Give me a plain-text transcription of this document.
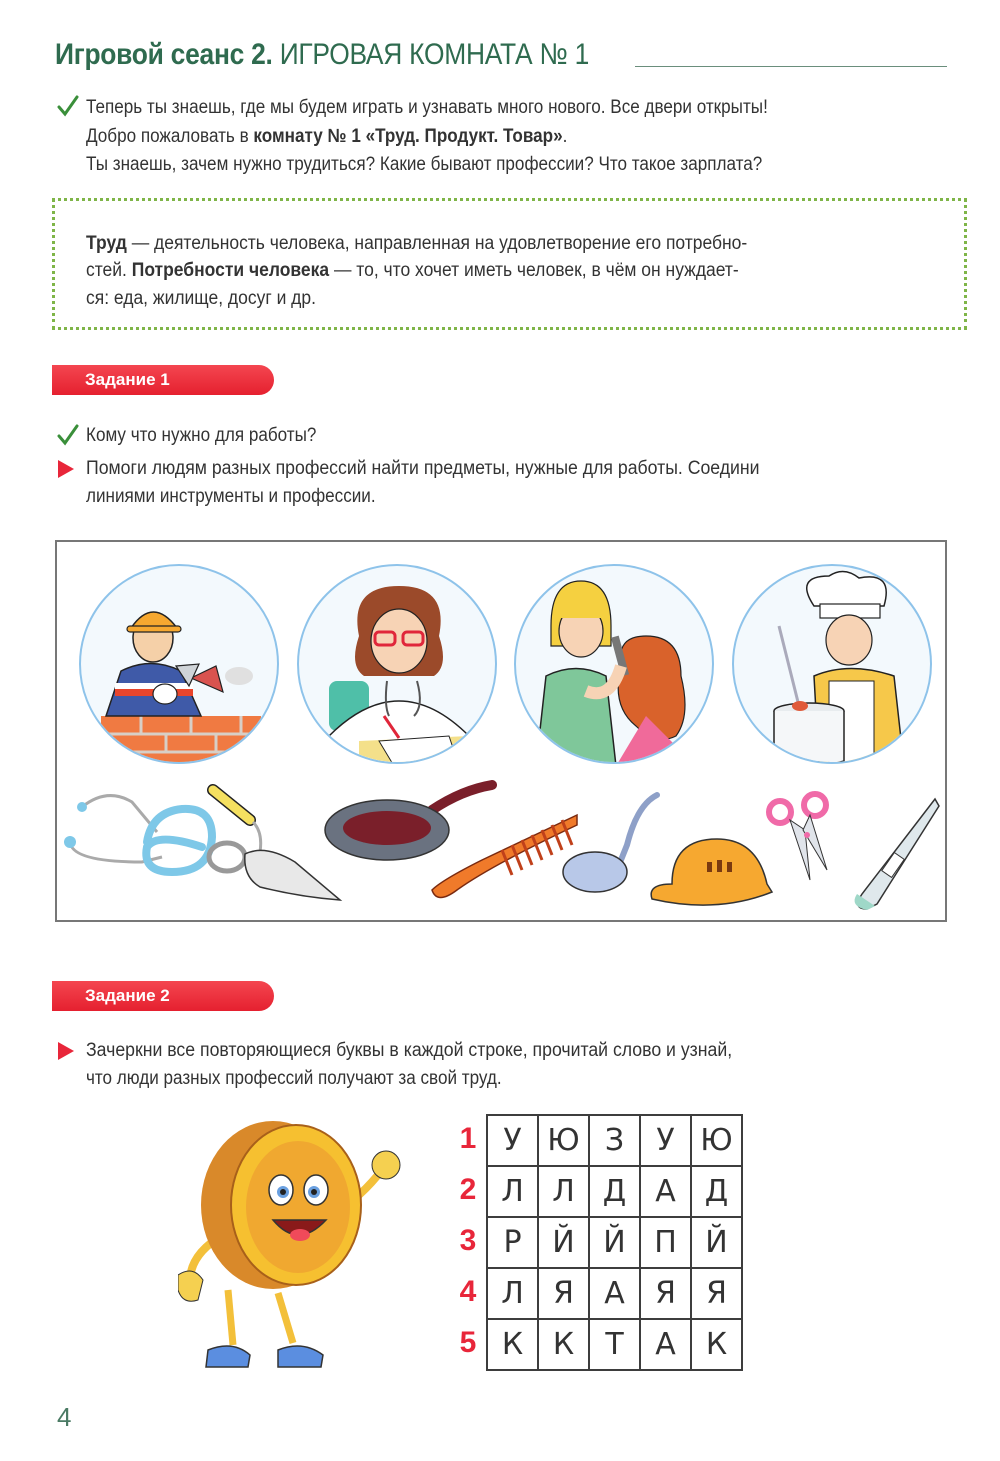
Игровой сеанс 2. ИГРОВАЯ КОМНАТА № 1
Теперь ты знаешь, где мы будем играть и узнавать много нового. Все двери открыты!
Добро пожаловать в комнату № 1 «Труд. Продукт. Товар».
Ты знаешь, зачем нужно трудиться? Какие бывают профессии? Что такое зарплата?
Труд — деятельность человека, направленная на удовлетворение его потребно-
стей. Потребности человека — то, что хочет иметь человек, в чём он нуждает-
ся: еда, жилище, досуг и др.
Задание 1
Кому что нужно для работы?
Помоги людям разных профессий найти предметы, нужные для работы. Соедини
линиями инструменты и профессии.
Задание 2
Зачеркни все повторяющиеся буквы в каждой строке, прочитай слово и узнай,
что люди разных профессий получают за свой труд.
1
2
3
4
5
У	Ю	З	У	Ю
Л	Л	Д	А	Д
Р	Й	Й	П	Й
Л	Я	А	Я	Я
К	К	Т	А	К
4
